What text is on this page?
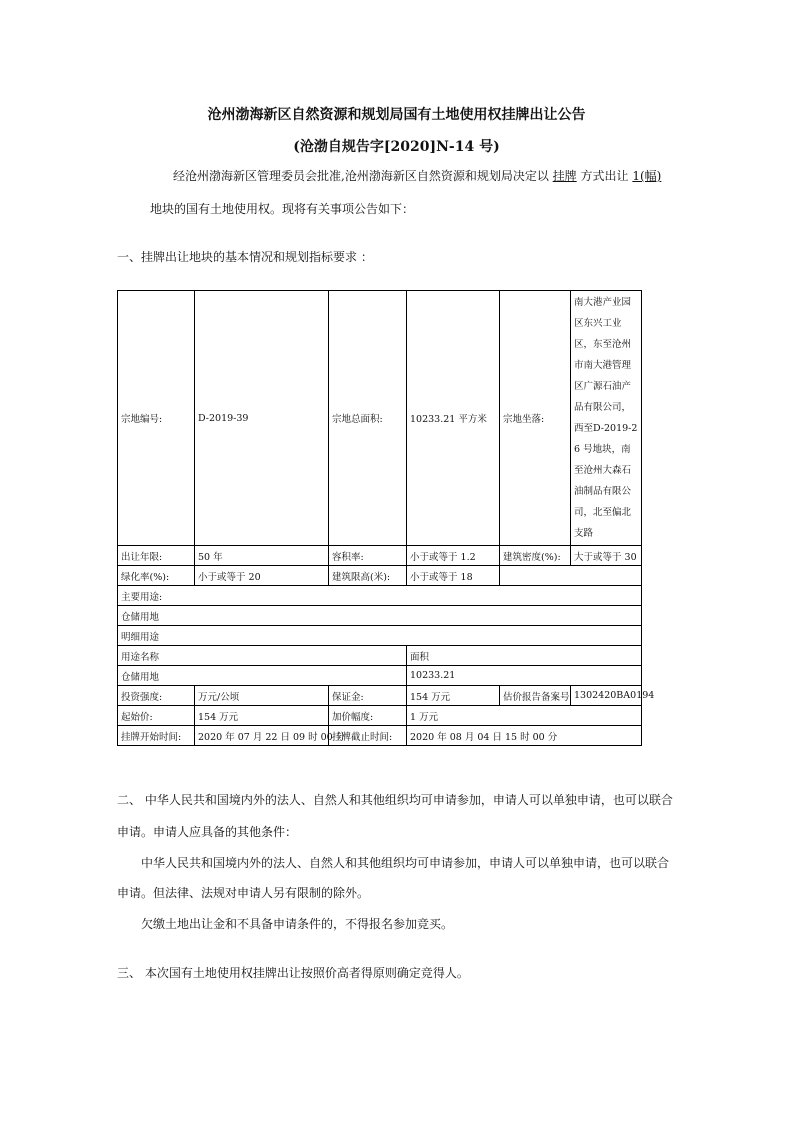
沧州渤海新区自然资源和规划局国有土地使用权挂牌出让公告
(沧渤自规告字[2020]N-14 号)
经沧州渤海新区管理委员会批准,沧州渤海新区自然资源和规划局决定以 挂牌 方式出让 1(幅)
地块的国有土地使用权。现将有关事项公告如下：
一、挂牌出让地块的基本情况和规划指标要求 ：
宗地编号:	D-2019-39	宗地总面积:	10233.21 平方米	宗地坐落:	南大港产业园区东兴工业区，东至沧州市南大港管理区广源石油产品有限公司，西至D-2019-26 号地块，南至沧州大森石油制品有限公司，北至偏北支路
出让年限:	50 年	容积率:	小于或等于 1.2	建筑密度(%):	大于或等于 30
绿化率(%):	小于或等于 20	建筑限高(米):	小于或等于 18		
主要用途:					
仓储用地					
明细用途					
用途名称			面积		
仓储用地			10233.21		
投资强度:	万元/公顷	保证金:	154 万元	估价报告备案号	1302420BA0194
起始价:	154 万元	加价幅度:	1 万元		
挂牌开始时间:	2020 年 07 月 22 日 09 时 00 分	挂牌截止时间:	2020 年 08 月 04 日 15 时 00 分		
二、 中华人民共和国境内外的法人、自然人和其他组织均可申请参加，申请人可以单独申请，也可以联合
申请。申请人应具备的其他条件：
中华人民共和国境内外的法人、自然人和其他组织均可申请参加，申请人可以单独申请，也可以联合
申请。但法律、法规对申请人另有限制的除外。
欠缴土地出让金和不具备申请条件的，不得报名参加竞买。
三、 本次国有土地使用权挂牌出让按照价高者得原则确定竞得人。
